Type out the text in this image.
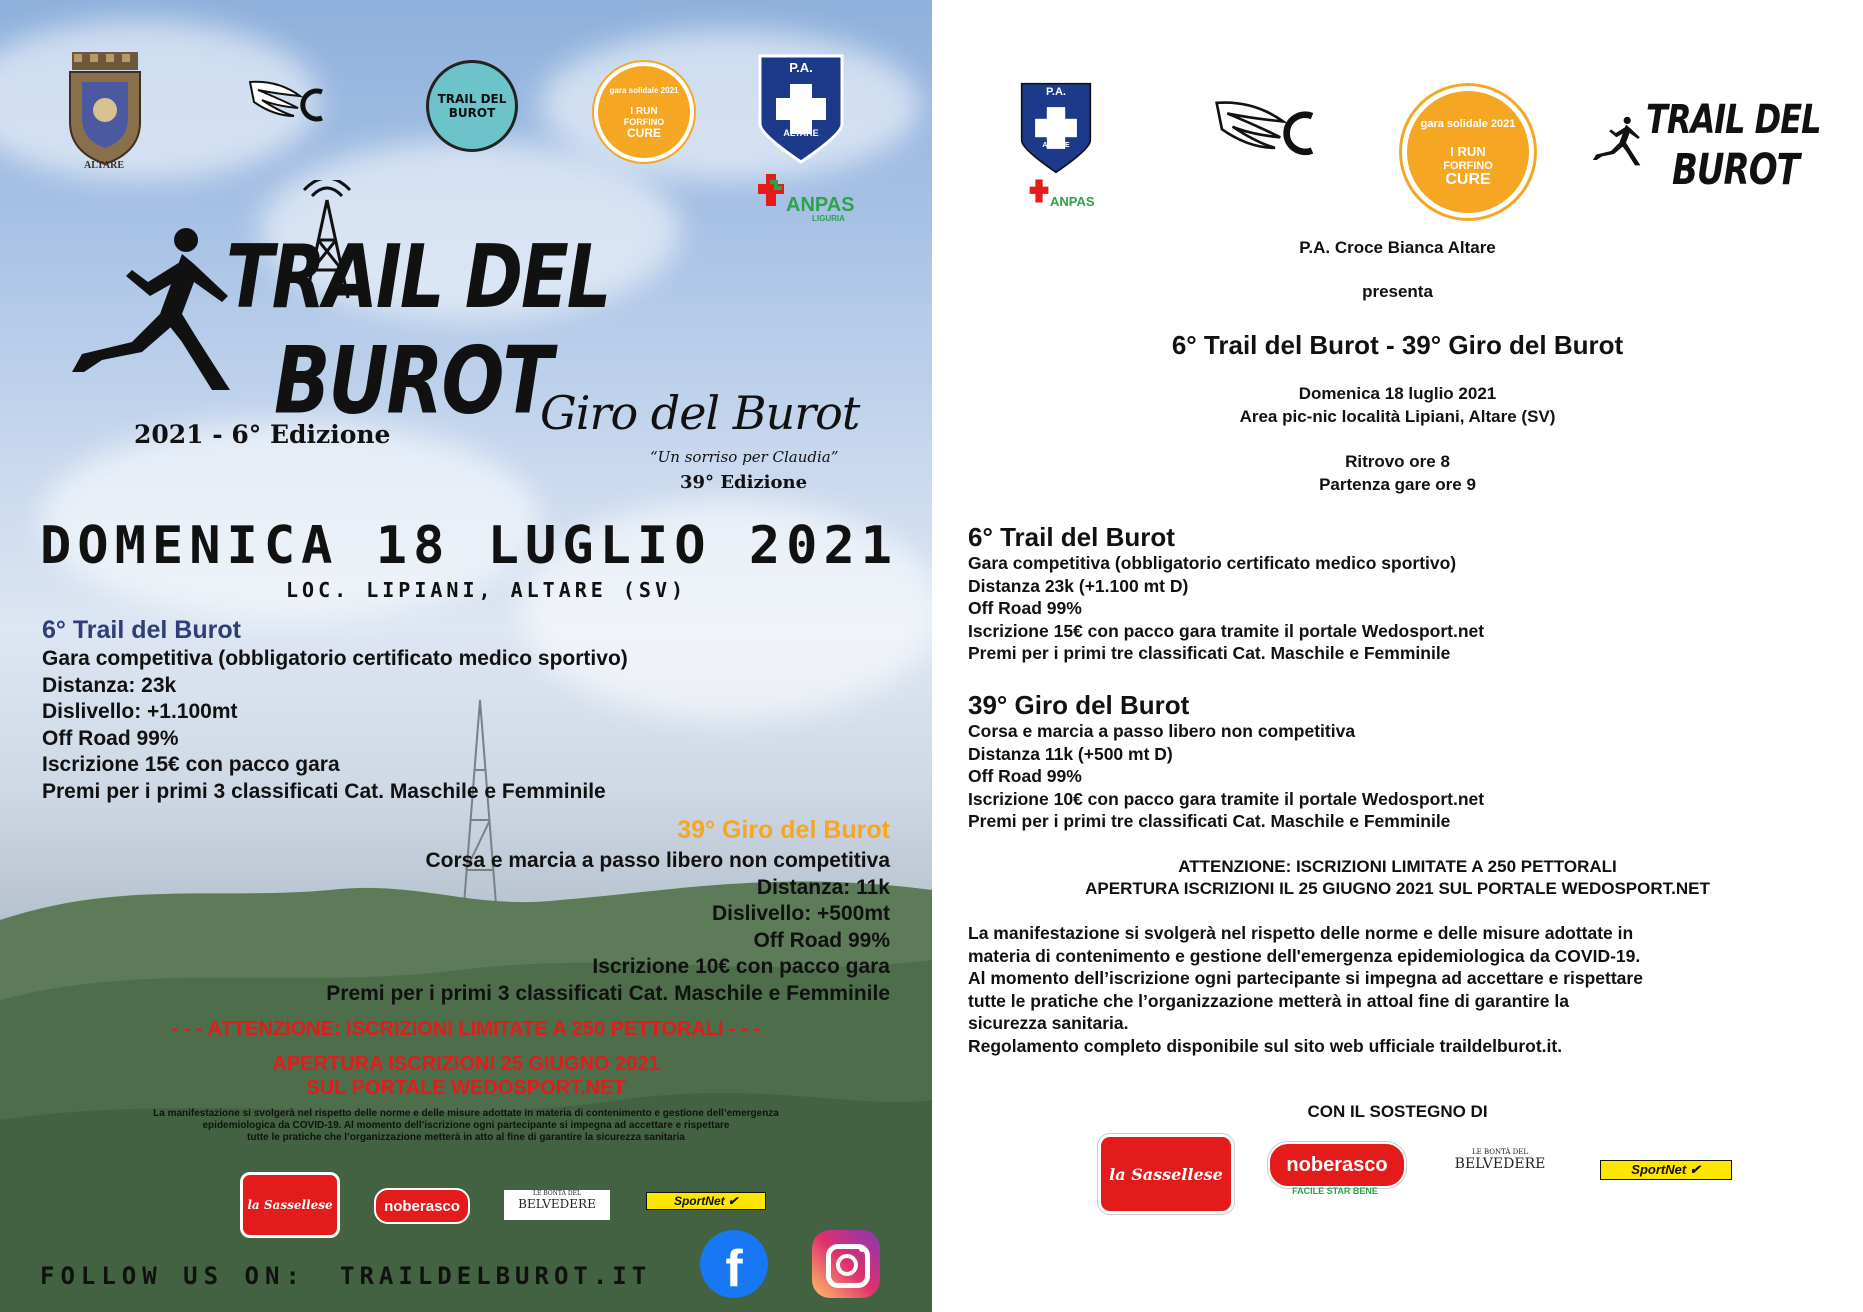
ALTARE
TRAIL DEL
BUROT
gara solidale 2021
I RUN
FORFINO
CURE
P.A.
ALTARE
ANPAS
LIGURIA
TRAIL DEL
BUROT
2021 - 6° Edizione	Giro del Burot
“Un sorriso per Claudia”
39° Edizione
DOMENICA 18 LUGLIO 2021
LOC. LIPIANI, ALTARE (SV)
6° Trail del Burot
Gara competitiva (obbligatorio certificato medico sportivo)
Distanza: 23k
Dislivello: +1.100mt
Off Road 99%
Iscrizione 15€ con pacco gara
Premi per i primi 3 classificati Cat. Maschile e Femminile
39° Giro del Burot
Corsa e marcia a passo libero non competitiva
Distanza: 11k
Dislivello: +500mt
Off Road 99%
Iscrizione 10€ con pacco gara
Premi per i primi 3 classificati Cat. Maschile e Femminile
- - - ATTENZIONE: ISCRIZIONI LIMITATE A 250 PETTORALI - - -
APERTURA ISCRIZIONI 25 GIUGNO 2021
SUL PORTALE WEDOSPORT.NET
La manifestazione si svolgerà nel rispetto delle norme e delle misure adottate in materia di contenimento e gestione dell’emergenza
epidemiologica da COVID-19. Al momento dell’iscrizione ogni partecipante si impegna ad accettare e rispettare
tutte le pratiche che l’organizzazione metterà in atto al fine di garantire la sicurezza sanitaria
la Sassellese	noberasco
LE BONTÀ DEL
BELVEDERE	SportNet ✔
FOLLOW US ON: TRAILDELBUROT.IT f
P.A.
ALTARE
ANPAS
gara solidale 2021
I RUN
FORFINO
CURE
TRAIL DEL
BUROT
P.A. Croce Bianca Altare
presenta
6° Trail del Burot - 39° Giro del Burot
Domenica 18 luglio 2021
Area pic-nic località Lipiani, Altare (SV)
Ritrovo ore 8
Partenza gare ore 9
6° Trail del Burot
Gara competitiva (obbligatorio certificato medico sportivo)
Distanza 23k (+1.100 mt D)
Off Road 99%
Iscrizione 15€ con pacco gara tramite il portale Wedosport.net
Premi per i primi tre classificati Cat. Maschile e Femminile
39° Giro del Burot
Corsa e marcia a passo libero non competitiva
Distanza 11k (+500 mt D)
Off Road 99%
Iscrizione 10€ con pacco gara tramite il portale Wedosport.net
Premi per i primi tre classificati Cat. Maschile e Femminile
ATTENZIONE: ISCRIZIONI LIMITATE A 250 PETTORALI
APERTURA ISCRIZIONI IL 25 GIUGNO 2021 SUL PORTALE WEDOSPORT.NET
La manifestazione si svolgerà nel rispetto delle norme e delle misure adottate in
materia di contenimento e gestione dell'emergenza epidemiologica da COVID-19.
Al momento dell’iscrizione ogni partecipante si impegna ad accettare e rispettare
tutte le pratiche che l’organizzazione metterà in attoal fine di garantire la
sicurezza sanitaria.
Regolamento completo disponibile sul sito web ufficiale traildelburot.it.
CON IL SOSTEGNO DI
la Sassellese	noberasco
FACILE STAR BENE
LE BONTÀ DEL
BELVEDERE	SportNet ✔
